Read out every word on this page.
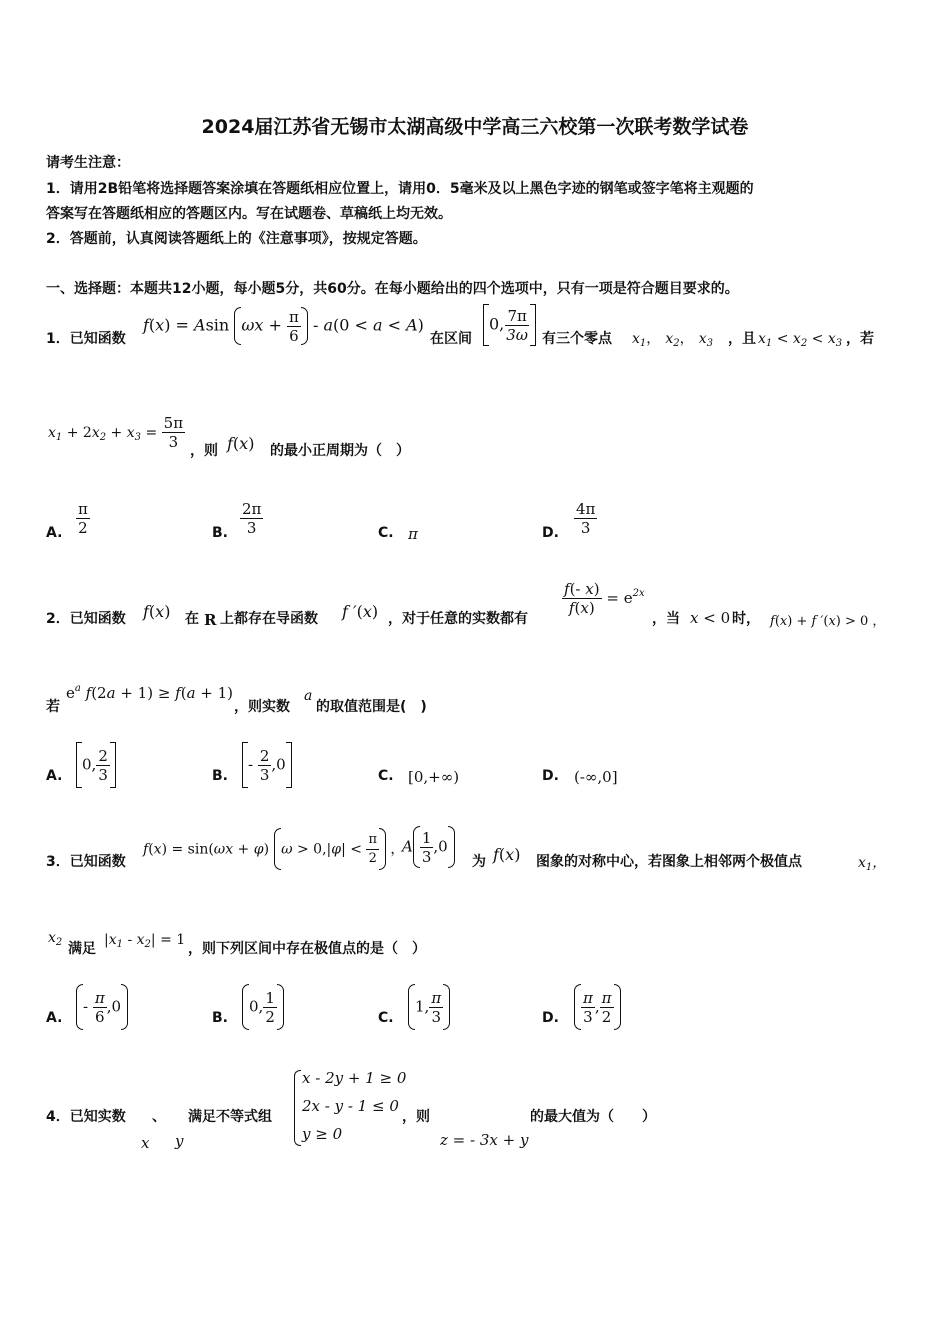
2024届江苏省无锡市太湖高级中学高三六校第一次联考数学试卷
请考生注意：
1．请用2B铅笔将选择题答案涂填在答题纸相应位置上，请用0．5毫米及以上黑色字迹的钢笔或签字笔将主观题的
答案写在答题纸相应的答题区内。写在试题卷、草稿纸上均无效。
2．答题前，认真阅读答题纸上的《注意事项》，按规定答题。
一、选择题：本题共12小题，每小题5分，共60分。在每小题给出的四个选项中，只有一项是符合题目要求的。
1．已知函数
f(x) = Asin $\omega x + \frac{\pi}{6} - a(0 < a < A)$
在区间
0, $\frac{7\pi}{3\omega}$ 有三个零点 $x_1$， $x_2$， $x_3$ ，且 $x_1 < x_2 < x_3$ ，若
$x_1 + 2x_2 + x_3 = \frac{5\pi}{3}$ ，则 f(x) 的最小正周期为（　）
A. $\frac{\pi}{2}$	B. $\frac{2\pi}{3}$	C. π	D. $\frac{4\pi}{3}$
2．已知函数 f(x) 在 R 上都存在导函数 f ′(x) ，对于任意的实数都有
$\frac{f(- x)}{f(x)} = e^{2x}$
，当 x < 0 时， f(x) + f ′(x) > 0 ，
若
$e^a$ f(2a + 1) ≥ f(a + 1)
，则实数
a
的取值范围是(　)
A.
0, $\frac{2}{3}$	B.
- $\frac{2}{3} ,0$
C. [0,+∞)	D. (-∞,0]
3．已知函数
f(x) = sin(ωx + φ) $\omega > 0,|\varphi| < \frac{\pi}{2}$ ，
A $\frac{1}{3} ,0$
为 f(x) 图象的对称中心，若图象上相邻两个极值点	$x_1$，
$x_2$ 满足
$|x_1 - x_2| = 1$
，则下列区间中存在极值点的是（　）
A.
- $\frac{\pi}{6} ,0$
B.
0, $\frac{1}{2}$	C.
1, $\frac{\pi}{3}$	D. $\frac{\pi}{3}$ , $\frac{\pi}{2}$
4．已知实数 、
x y
满足不等式组
x - 2y + 1 ≥ 0
2x - y - 1 ≤ 0
y ≥ 0
，则
z = - 3x + y
的最大值为（　　）
